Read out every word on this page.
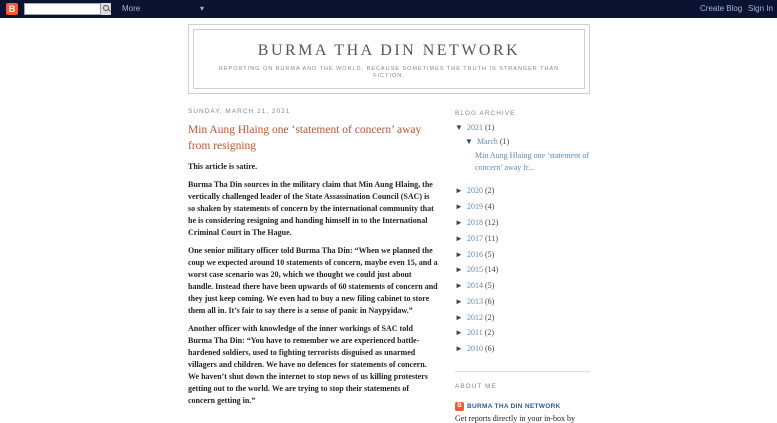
B	More	▾	Create Blog Sign In
BURMA THA DIN NETWORK
REPORTING ON BURMA AND THE WORLD, BECAUSE SOMETIMES THE TRUTH IS STRANGER THAN FICTION.
SUNDAY, MARCH 21, 2021
Min Aung Hlaing one ‘statement of concern’ away from resigning

This article is satire.

Burma Tha Din sources in the military claim that Min Aung Hlaing, the vertically challenged leader of the State Assassination Council (SAC) is so shaken by statements of concern by the international community that he is considering resigning and handing himself in to the International Criminal Court in The Hague.

One senior military officer told Burma Tha Din: “When we planned the coup we expected around 10 statements of concern, maybe even 15, and a worst case scenario was 20, which we thought we could just about handle. Instead there have been upwards of 60 statements of concern and they just keep coming. We even had to buy a new filing cabinet to store them all in. It’s fair to say there is a sense of panic in Naypyidaw.”

Another officer with knowledge of the inner workings of SAC told Burma Tha Din: “You have to remember we are experienced battle-hardened soldiers, used to fighting terrorists disguised as unarmed villagers and children. We have no defences for statements of concern. We haven’t shut down the internet to stop news of us killing protesters getting out to the world. We are trying to stop their statements of concern getting in.”

BLOG ARCHIVE
▼ 2021 (1)
▼ March (1)
Min Aung Hlaing one ‘statement of concern’ away fr...
► 2020 (2)
► 2019 (4)
► 2018 (12)
► 2017 (11)
► 2016 (5)
► 2015 (14)
► 2014 (5)
► 2013 (6)
► 2012 (2)
► 2011 (2)
► 2010 (6)
ABOUT ME
B BURMA THA DIN NETWORK
Get reports directly in your in-box by
